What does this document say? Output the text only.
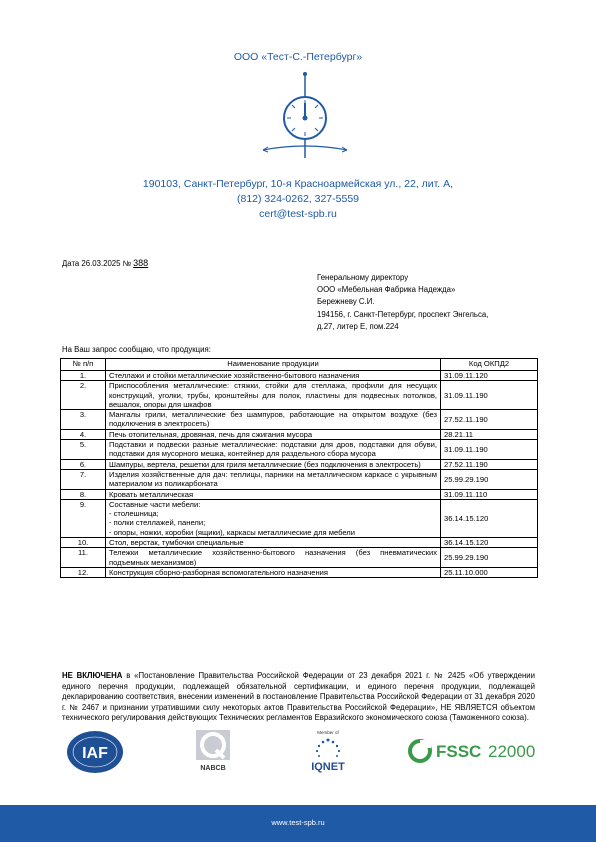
ООО «Тест-С.-Петербург»
190103, Санкт-Петербург, 10-я Красноармейская ул., 22, лит. А,
(812) 324-0262, 327-5559
cert@test-spb.ru
Дата 26.03.2025 № 388
Генеральному директору
ООО «Мебельная Фабрика Надежда»
Бережневу С.И.
194156, г. Санкт-Петербург, проспект Энгельса,
д.27, литер Е, пом.224
На Ваш запрос сообщаю, что продукция:
№ п/п	Наименование продукции	Код ОКПД2
1.	Стеллажи и стойки металлические хозяйственно-бытового назначения	31.09.11.120
2.	Приспособления металлические: стяжки, стойки для стеллажа, профили для несущих конструкций, уголки, трубы, кронштейны для полок, пластины для подвесных потолков, вешалок, опоры для шкафов	31.09.11.190
3.	Мангалы грили, металлические без шампуров, работающие на открытом воздухе (без подключения в электросеть)	27.52.11.190
4.	Печь отопительная, дровяная, печь для сжигания мусора	28.21.11
5.	Подставки и подвески разные металлические: подставки для дров, подставки для обуви, подставки для мусорного мешка, контейнер для раздельного сбора мусора	31.09.11.190
6.	Шампуры, вертела, решетки для гриля металлические (без подключения в электросеть)	27.52.11.190
7.	Изделия хозяйственные для дач: теплицы, парники на металлическом каркасе с укрывным материалом из поликарбоната	25.99.29.190
8.	Кровать металлическая	31.09.11.110
9.	Составные части мебели:
- столешница;
- полки стеллажей, панели;
- опоры, ножки, коробки (ящики), каркасы металлические для мебели	36.14.15.120
10.	Стол, верстак, тумбочки специальные	36.14.15.120
11.	Тележки металлические хозяйственно-бытового назначения (без пневматических подъемных механизмов)	25.99.29.190
12.	Конструкция сборно-разборная вспомогательного назначения	25.11.10.000
НЕ ВКЛЮЧЕНА в «Постановление Правительства Российской Федерации от 23 декабря 2021 г. № 2425 «Об утверждении единого перечня продукции, подлежащей обязательной сертификации, и единого перечня продукции, подлежащей декларированию соответствия, внесении изменений в постановление Правительства Российской Федерации от 31 декабря 2020 г. № 2467 и признании утратившими силу некоторых актов Правительства Российской Федерации», НЕ ЯВЛЯЕТСЯ объектом технического регулирования действующих Технических регламентов Евразийского экономического союза (Таможенного союза).
IAF
NABCB
Member of
IQNET
FSSC 22000
www.test-spb.ru
